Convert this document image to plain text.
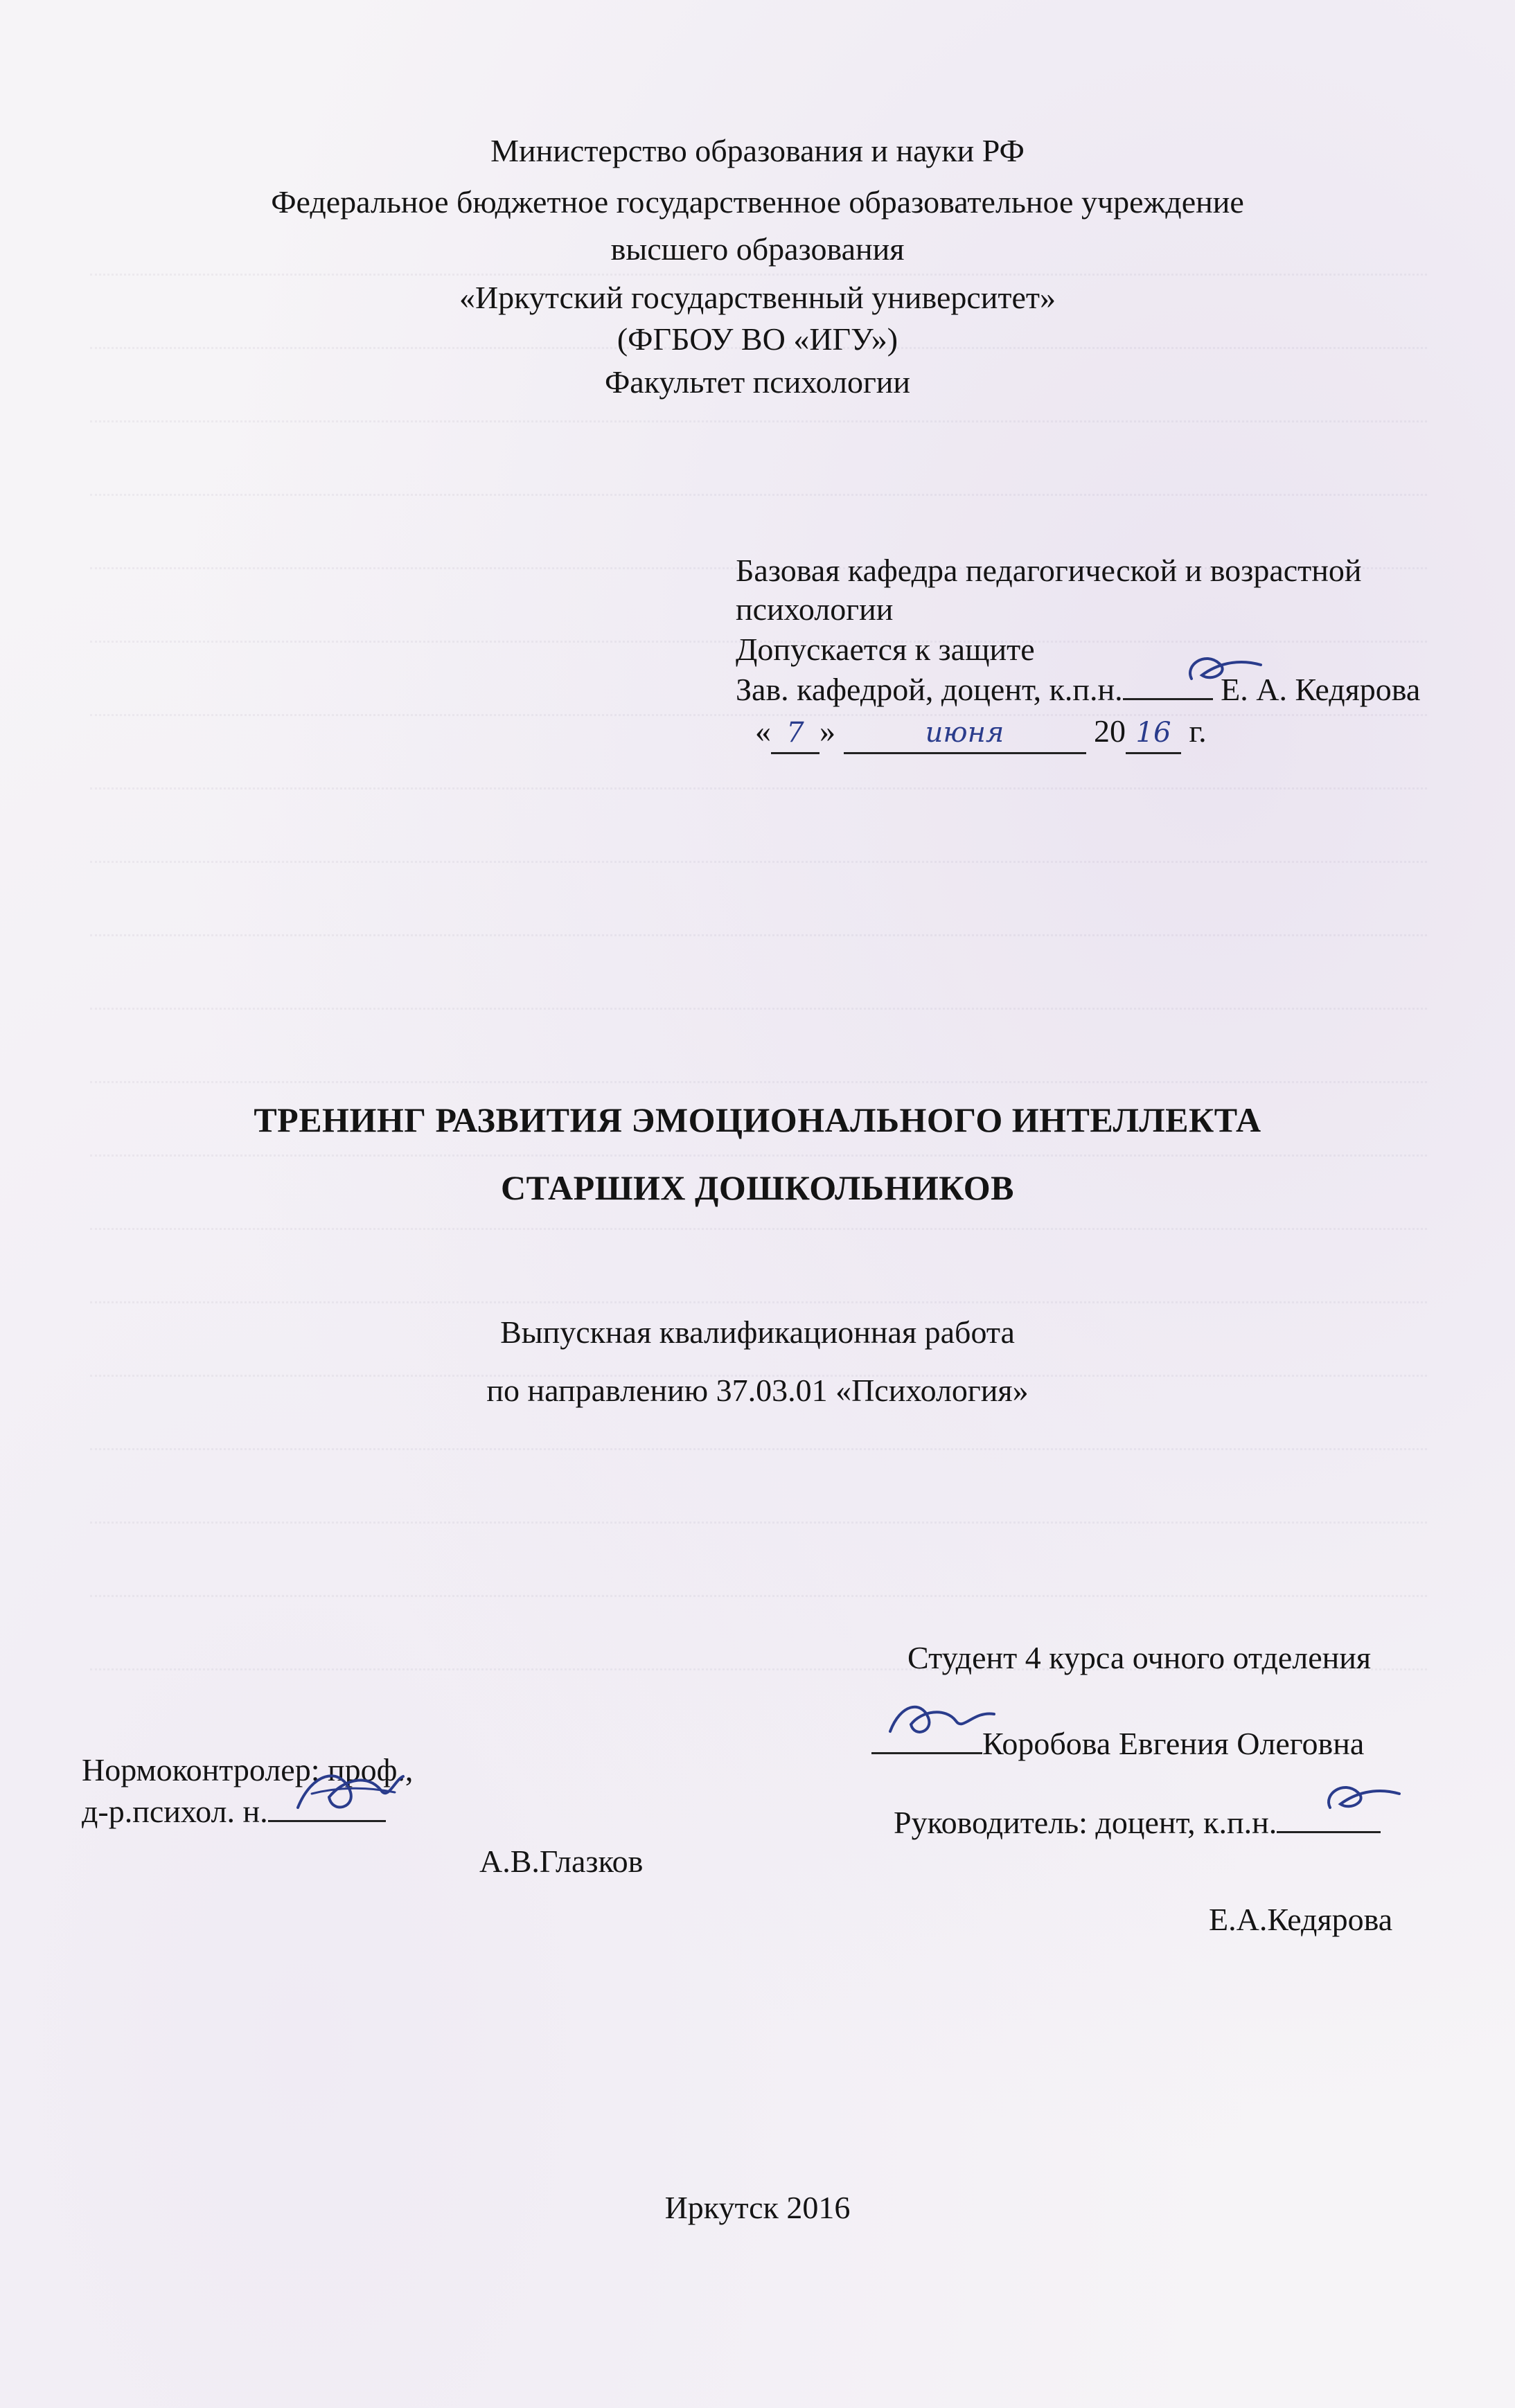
Министерство образования и науки РФ
Федеральное бюджетное государственное образовательное учреждение
высшего образования
«Иркутский государственный университет»
(ФГБОУ ВО «ИГУ»)
Факультет психологии
Базовая кафедра педагогической и возрастной
психологии
Допускается к защите
Зав. кафедрой, доцент, к.п.н.	Е. А. Кедярова
« 7 »	июня	20 16 г.
ТРЕНИНГ РАЗВИТИЯ ЭМОЦИОНАЛЬНОГО ИНТЕЛЛЕКТА
СТАРШИХ ДОШКОЛЬНИКОВ
Выпускная квалификационная работа
по направлению 37.03.01 «Психология»
Студент 4 курса очного отделения
Коробова Евгения Олеговна
Нормоконтролер: проф.,
д-р.психол. н.
А.В.Глазков
Руководитель: доцент, к.п.н.
Е.А.Кедярова
Иркутск 2016
